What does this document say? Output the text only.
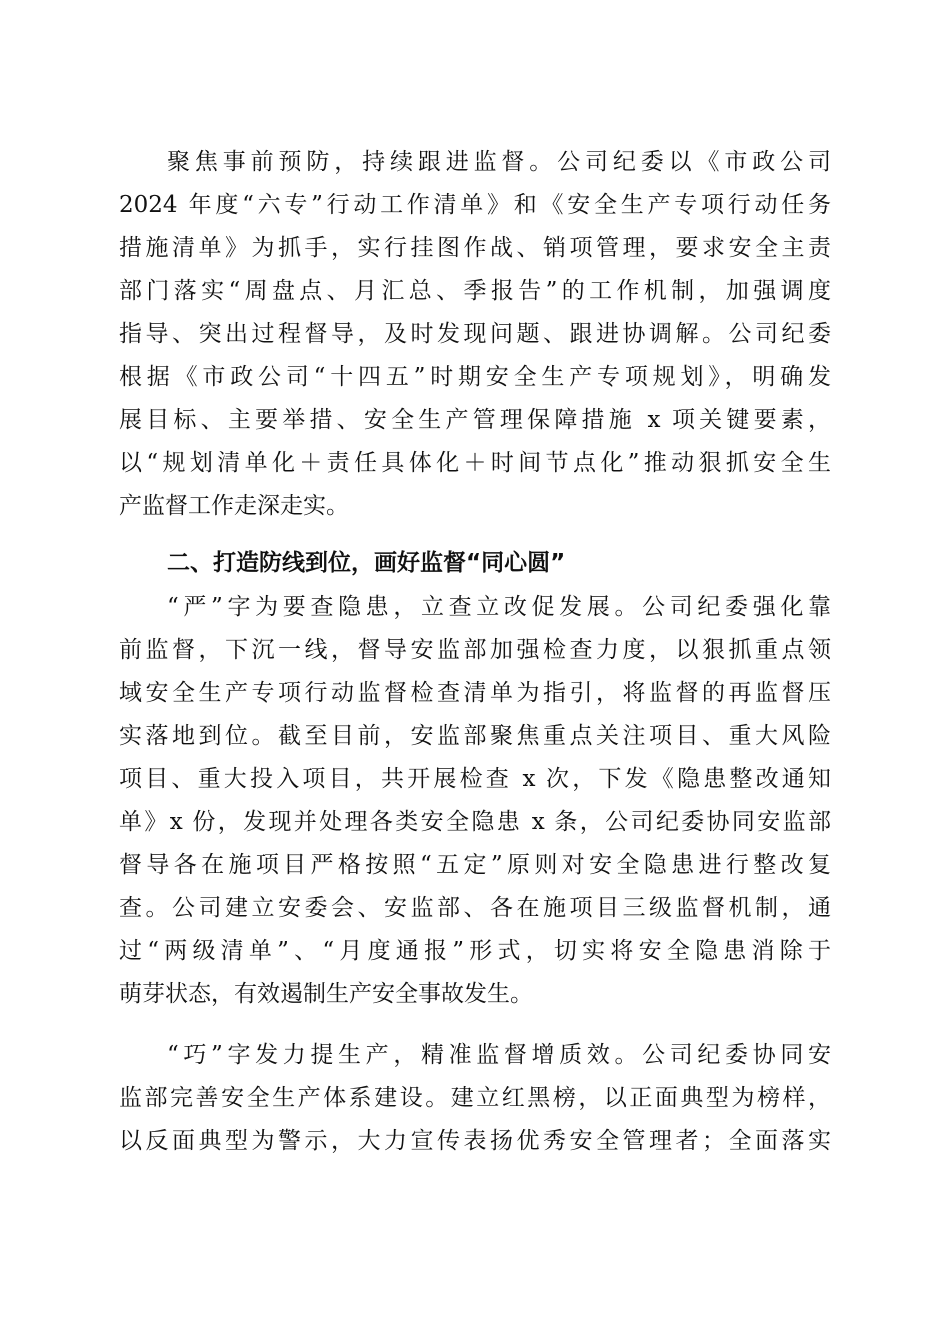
聚焦事前预防，持续跟进监督。公司纪委以《市政公司
2024 年度“六专”行动工作清单》和《安全生产专项行动任务
措施清单》为抓手，实行挂图作战、销项管理，要求安全主责
部门落实“周盘点、月汇总、季报告”的工作机制，加强调度
指导、突出过程督导，及时发现问题、跟进协调解。公司纪委
根据《市政公司“十四五”时期安全生产专项规划》，明确发
展目标、主要举措、安全生产管理保障措施 x 项关键要素，
以“规划清单化＋责任具体化＋时间节点化”推动狠抓安全生
产监督工作走深走实。
二、打造防线到位，画好监督“同心圆”
“严”字为要查隐患，立查立改促发展。公司纪委强化靠
前监督，下沉一线，督导安监部加强检查力度，以狠抓重点领
域安全生产专项行动监督检查清单为指引，将监督的再监督压
实落地到位。截至目前，安监部聚焦重点关注项目、重大风险
项目、重大投入项目，共开展检查 x 次，下发《隐患整改通知
单》x 份，发现并处理各类安全隐患 x 条，公司纪委协同安监部
督导各在施项目严格按照“五定”原则对安全隐患进行整改复
查。公司建立安委会、安监部、各在施项目三级监督机制，通
过“两级清单”、“月度通报”形式，切实将安全隐患消除于
萌芽状态，有效遏制生产安全事故发生。
“巧”字发力提生产，精准监督增质效。公司纪委协同安
监部完善安全生产体系建设。建立红黑榜，以正面典型为榜样，
以反面典型为警示，大力宣传表扬优秀安全管理者；全面落实
